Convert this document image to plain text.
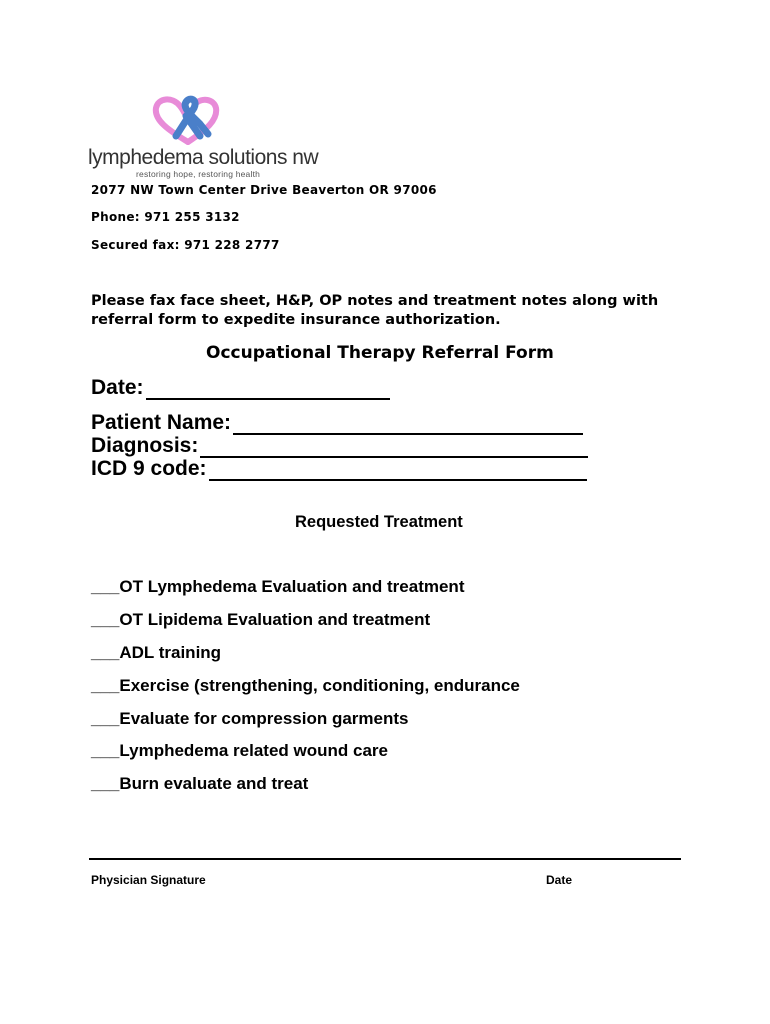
lymphedema solutions nw
restoring hope, restoring health
2077 NW Town Center Drive Beaverton OR 97006
Phone: 971 255 3132
Secured fax: 971 228 2777
Please fax face sheet, H&P, OP notes and treatment notes along with referral form to expedite insurance authorization.
Occupational Therapy Referral Form
Date:
Patient Name:
Diagnosis:
ICD 9 code:
Requested Treatment
___ OT Lymphedema Evaluation and treatment
___ OT Lipidema Evaluation and treatment
___ ADL training
___ Exercise (strengthening, conditioning, endurance
___ Evaluate for compression garments
___ Lymphedema related wound care
___ Burn evaluate and treat
Physician Signature	Date
